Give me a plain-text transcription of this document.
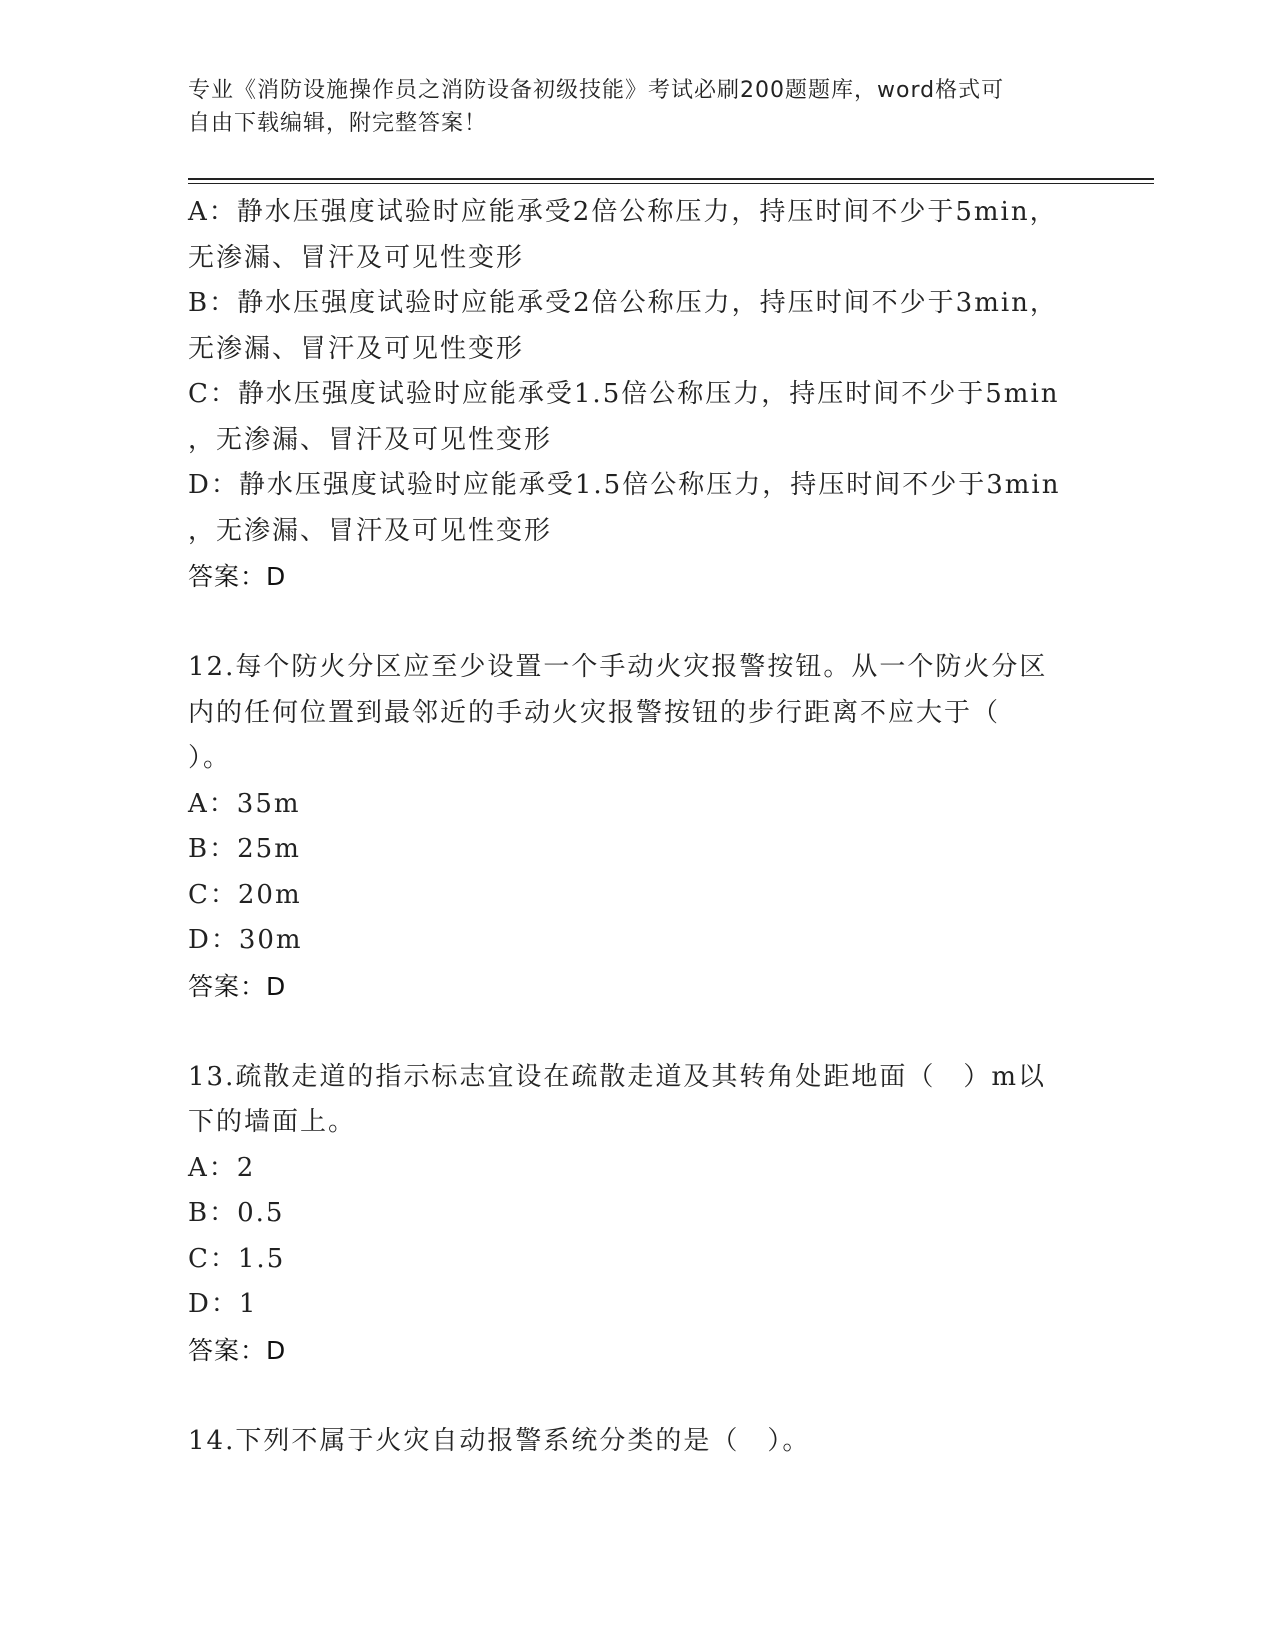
专业《消防设施操作员之消防设备初级技能》考试必刷200题题库，word格式可
自由下载编辑，附完整答案！
A：静水压强度试验时应能承受2倍公称压力，持压时间不少于5min，
无渗漏、冒汗及可见性变形
B：静水压强度试验时应能承受2倍公称压力，持压时间不少于3min，
无渗漏、冒汗及可见性变形
C：静水压强度试验时应能承受1.5倍公称压力，持压时间不少于5min
，无渗漏、冒汗及可见性变形
D：静水压强度试验时应能承受1.5倍公称压力，持压时间不少于3min
，无渗漏、冒汗及可见性变形
答案：D
12.每个防火分区应至少设置一个手动火灾报警按钮。从一个防火分区
内的任何位置到最邻近的手动火灾报警按钮的步行距离不应大于（
）。
A：35m
B：25m
C：20m
D：30m
答案：D
13.疏散走道的指示标志宜设在疏散走道及其转角处距地面（　）m以
下的墙面上。
A：2
B：0.5
C：1.5
D：1
答案：D
14.下列不属于火灾自动报警系统分类的是（　）。
